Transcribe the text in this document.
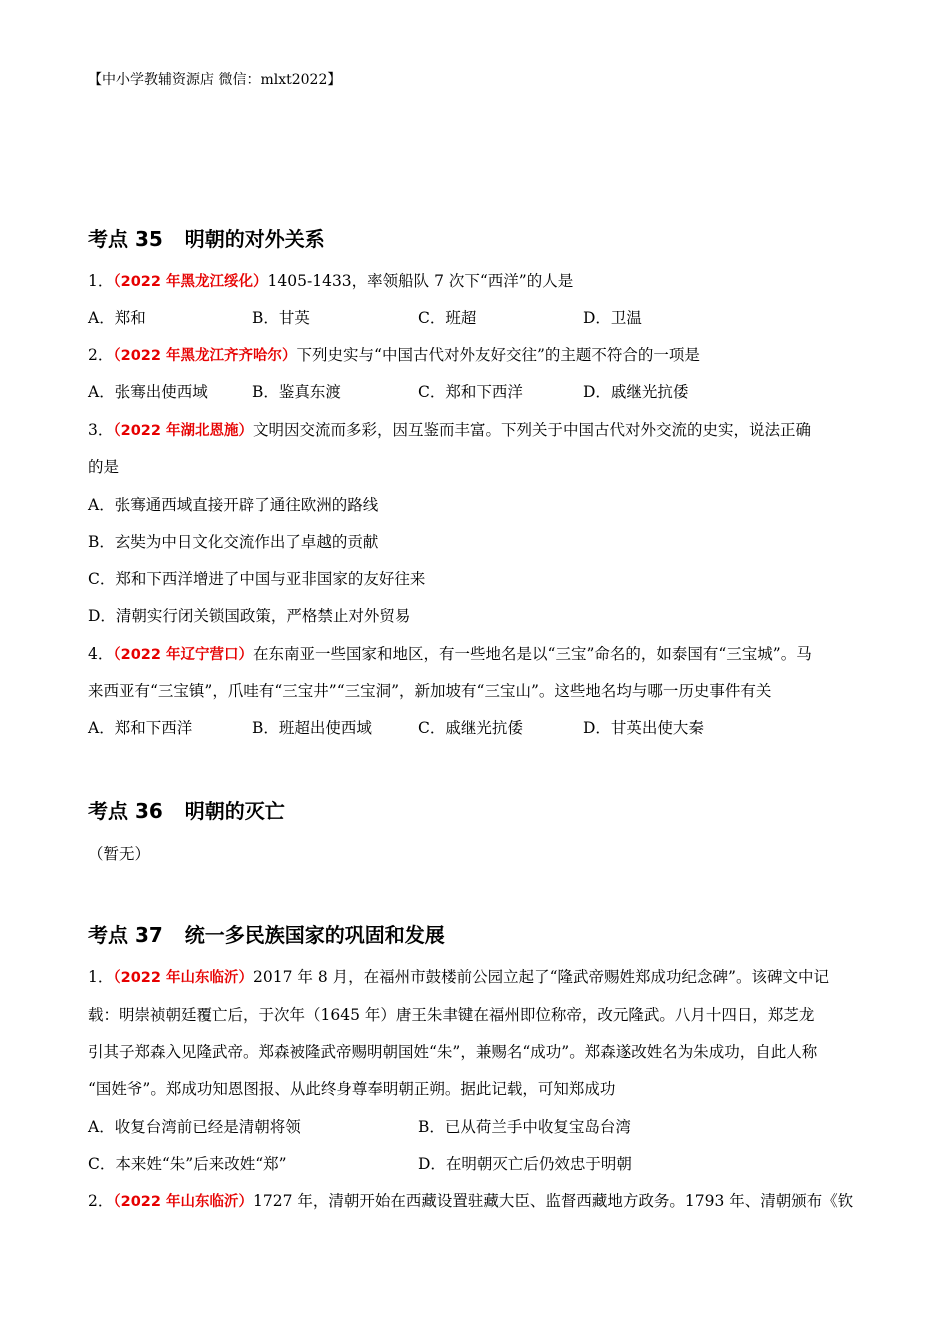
【中小学教辅资源店 微信：mlxt2022】
考点 35 明朝的对外关系
1．（2022 年黑龙江绥化）1405-1433，率领船队 7 次下“西洋”的人是
A．郑和	B．甘英	C．班超	D．卫温
2．（2022 年黑龙江齐齐哈尔）下列史实与“中国古代对外友好交往”的主题不符合的一项是
A．张骞出使西域	B．鉴真东渡	C．郑和下西洋	D．戚继光抗倭
3．（2022 年湖北恩施）文明因交流而多彩，因互鉴而丰富。下列关于中国古代对外交流的史实，说法正确
的是
A．张骞通西域直接开辟了通往欧洲的路线
B．玄奘为中日文化交流作出了卓越的贡献
C．郑和下西洋增进了中国与亚非国家的友好往来
D．清朝实行闭关锁国政策，严格禁止对外贸易
4．（2022 年辽宁营口）在东南亚一些国家和地区，有一些地名是以“三宝”命名的，如泰国有“三宝城”。马
来西亚有“三宝镇”，爪哇有“三宝井”“三宝洞”，新加坡有“三宝山”。这些地名均与哪一历史事件有关
A．郑和下西洋	B．班超出使西域	C．戚继光抗倭	D．甘英出使大秦
考点 36 明朝的灭亡
（暂无）
考点 37 统一多民族国家的巩固和发展
1．（2022 年山东临沂）2017 年 8 月，在福州市鼓楼前公园立起了“隆武帝赐姓郑成功纪念碑”。该碑文中记
载：明崇祯朝廷覆亡后，于次年（1645 年）唐王朱聿键在福州即位称帝，改元隆武。八月十四日，郑芝龙
引其子郑森入见隆武帝。郑森被隆武帝赐明朝国姓“朱”，兼赐名“成功”。郑森遂改姓名为朱成功，自此人称
“国姓爷”。郑成功知恩图报、从此终身尊奉明朝正朔。据此记载，可知郑成功
A．收复台湾前已经是清朝将领	B．已从荷兰手中收复宝岛台湾
C．本来姓“朱”后来改姓“郑”	D．在明朝灭亡后仍效忠于明朝
2．（2022 年山东临沂）1727 年，清朝开始在西藏设置驻藏大臣、监督西藏地方政务。1793 年、清朝颁布《钦
